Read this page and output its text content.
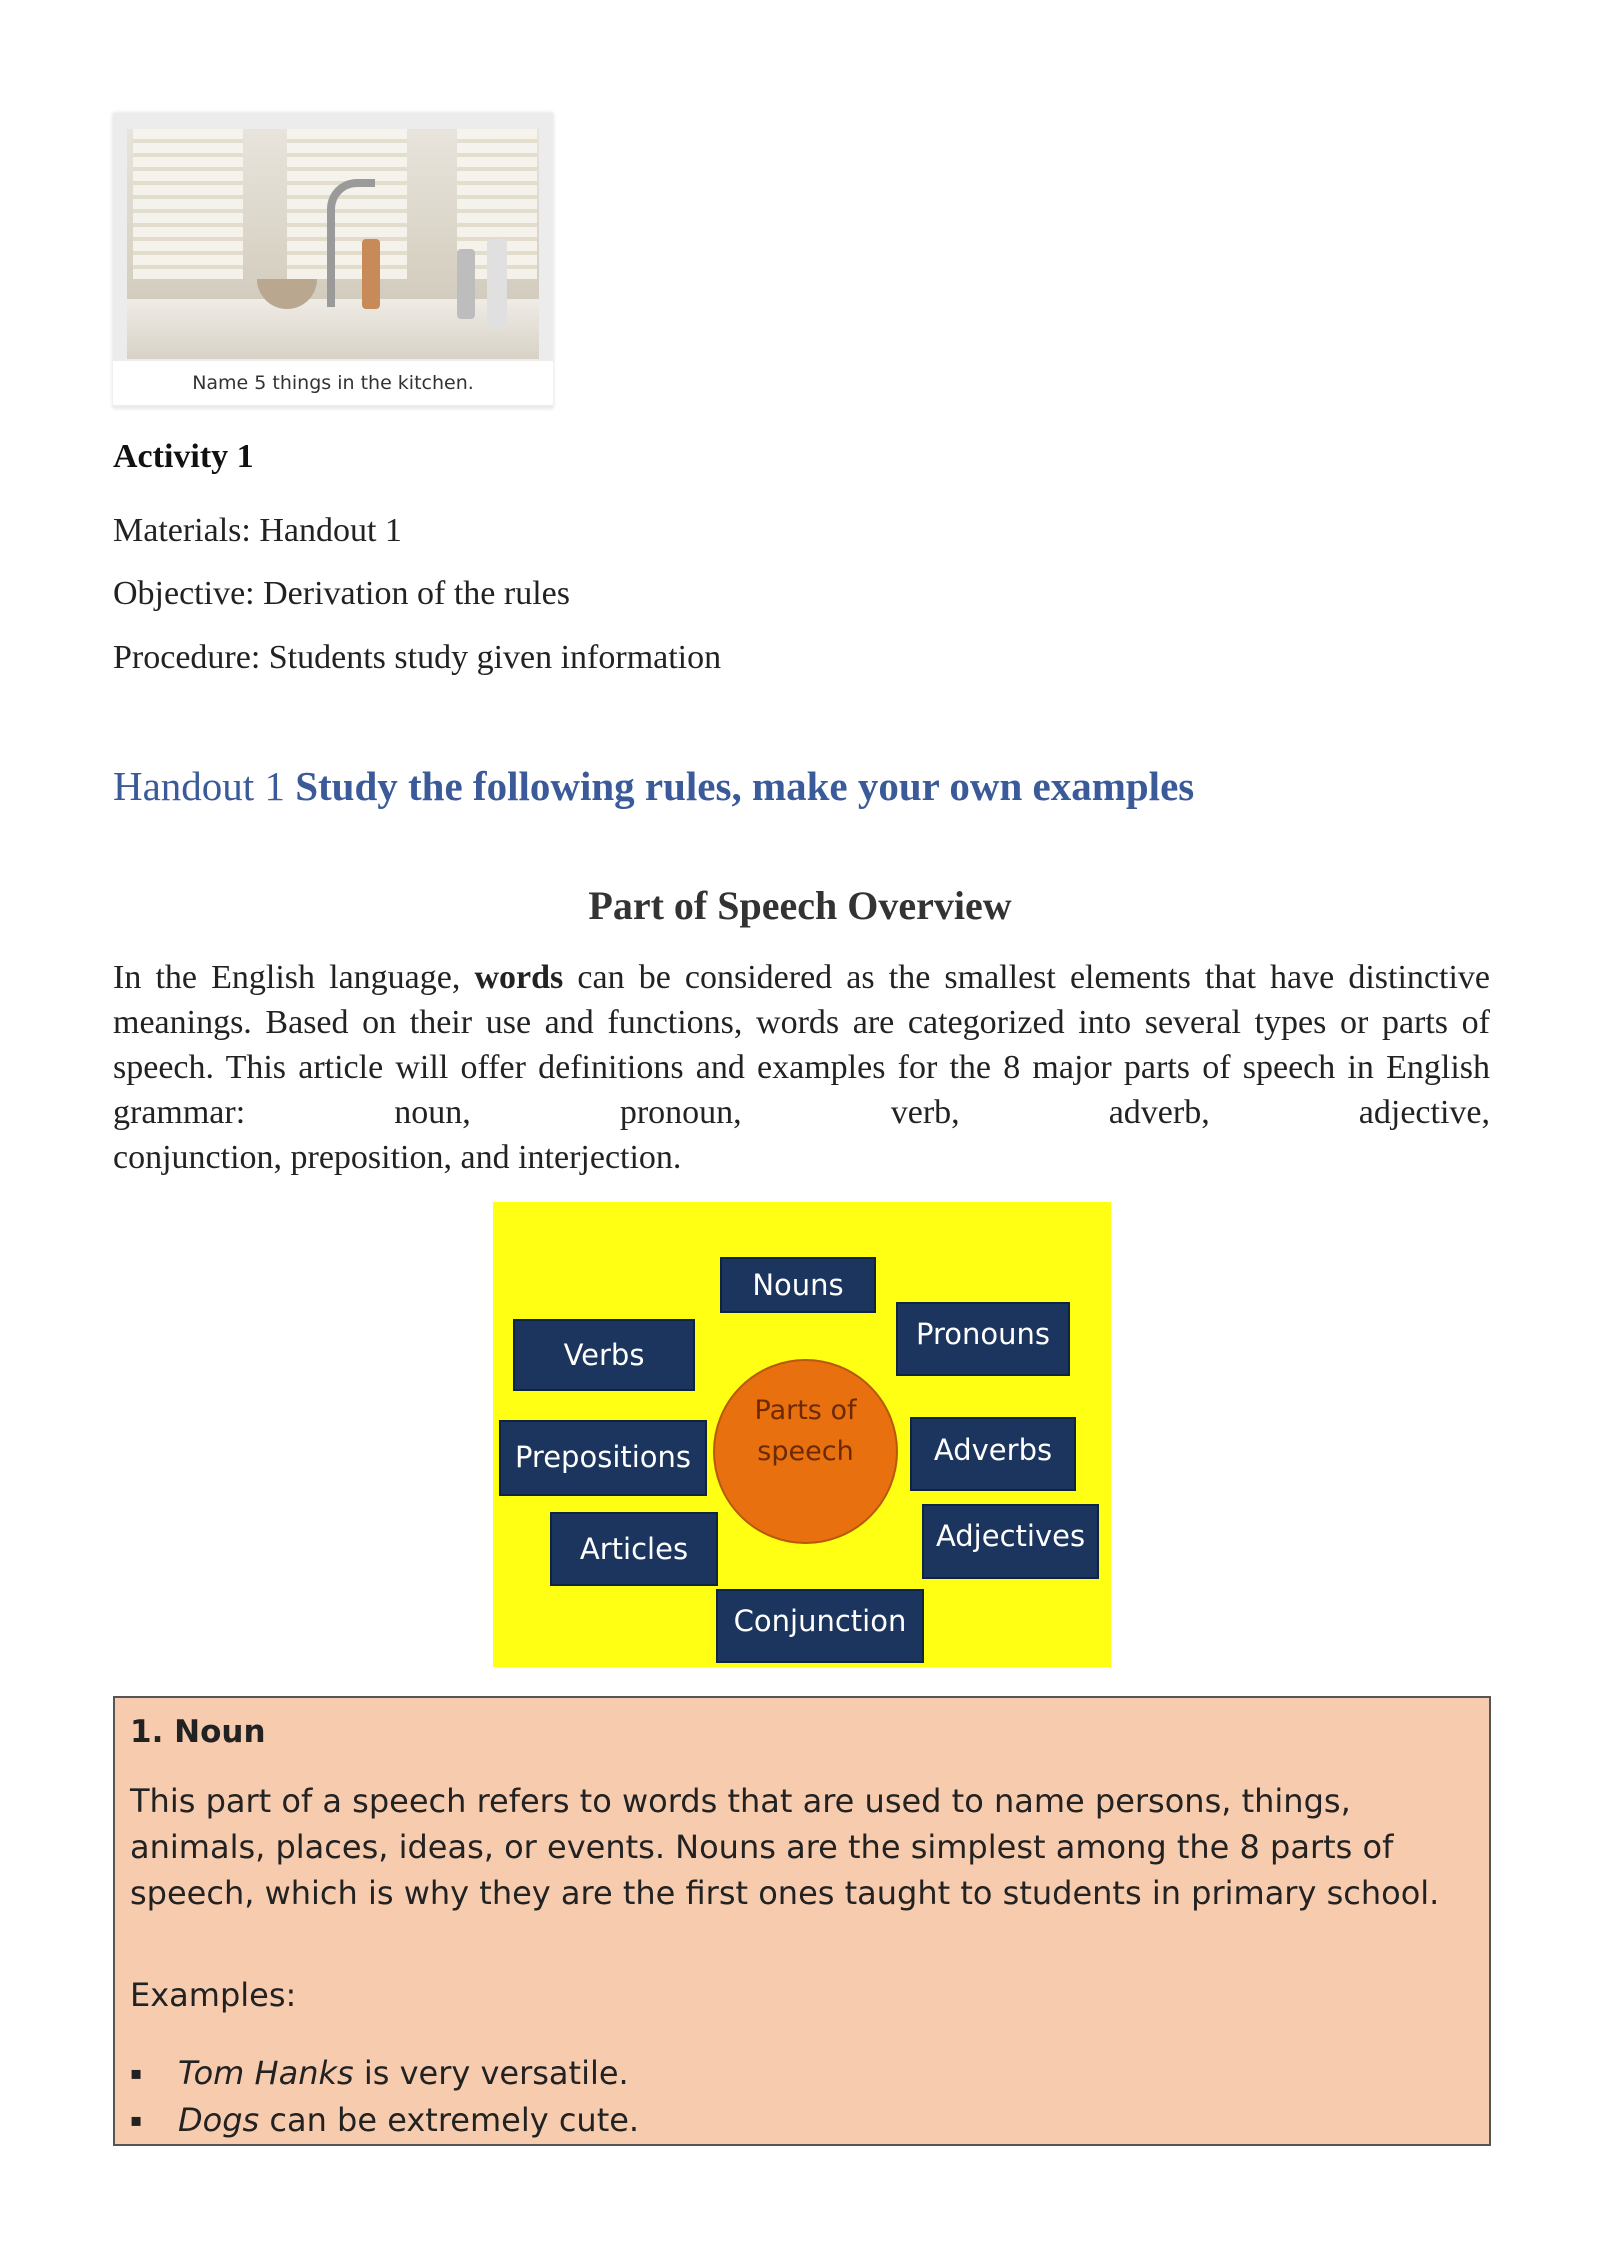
Name 5 things in the kitchen.
Activity 1
Materials: Handout 1
Objective: Derivation of the rules
Procedure: Students study given information
Handout 1 Study the following rules, make your own examples
Part of Speech Overview

In the English language, words can be considered as the smallest elements that have distinctive meanings. Based on their use and functions, words are categorized into several types or parts of speech. This article will offer definitions and examples for the 8 major parts of speech in English grammar: noun, pronoun, verb, adverb, adjective,
conjunction, preposition, and interjection.

Nouns
Verbs
Pronouns
Prepositions	Adverbs
Articles	Adjectives
Conjunction
Parts of
speech
1. Noun

This part of a speech refers to words that are used to name persons, things, animals, places, ideas, or events. Nouns are the simplest among the 8 parts of speech, which is why they are the first ones taught to students in primary school.

Examples:
▪ Tom Hanks is very versatile.
▪ Dogs can be extremely cute.
